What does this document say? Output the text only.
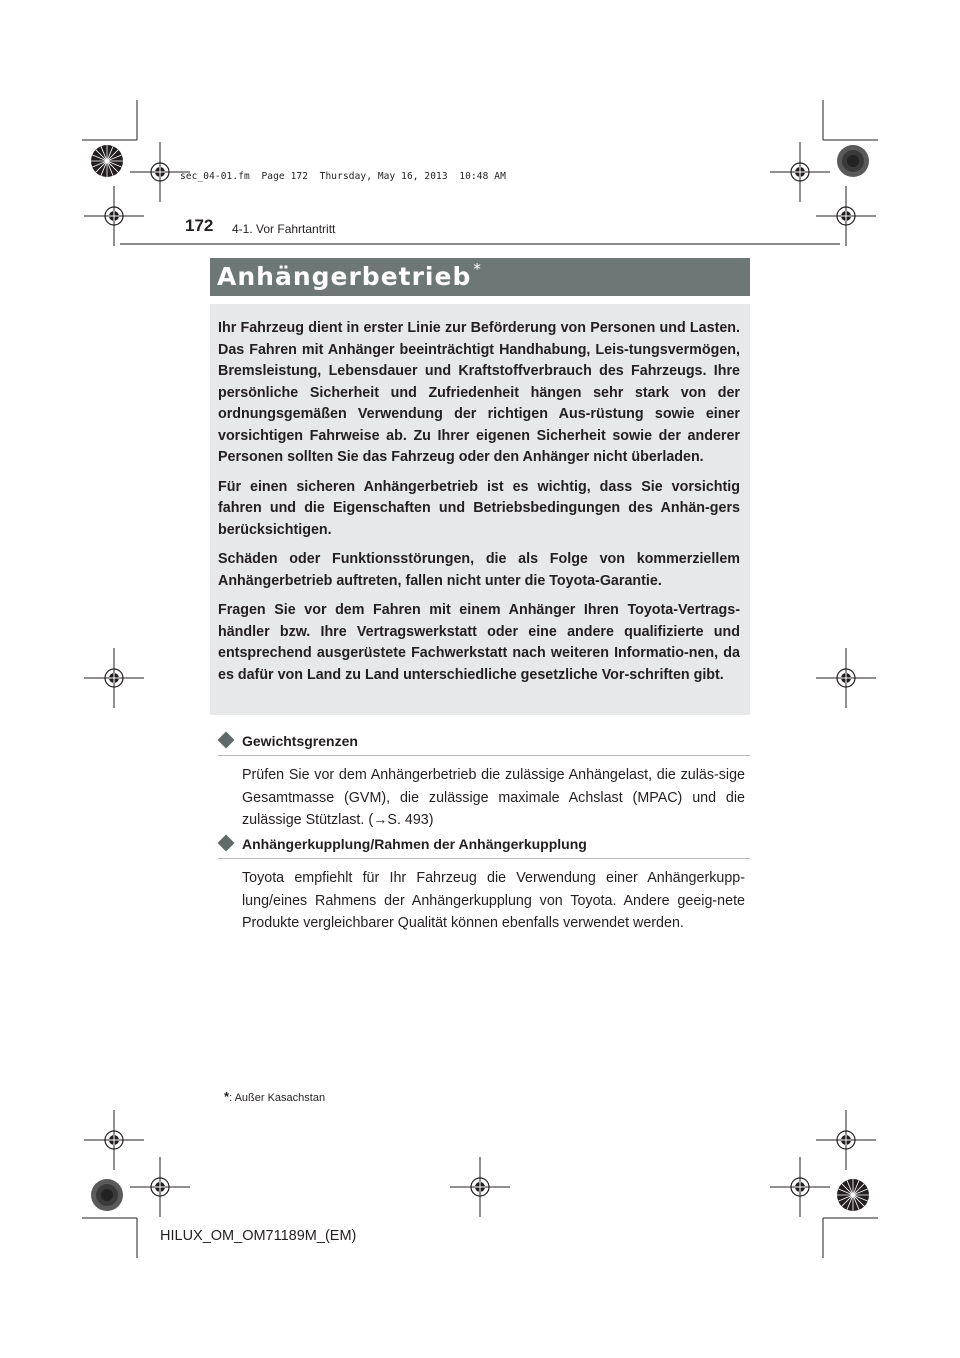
sec_04-01.fm  Page 172  Thursday, May 16, 2013  10:48 AM
172 4-1. Vor Fahrtantritt
Anhängerbetrieb *

Ihr Fahrzeug dient in erster Linie zur Beförderung von Personen und Lasten. Das Fahren mit Anhänger beeinträchtigt Handhabung, Leis-tungsvermögen, Bremsleistung, Lebensdauer und Kraftstoffverbrauch des Fahrzeugs. Ihre persönliche Sicherheit und Zufriedenheit hängen sehr stark von der ordnungsgemäßen Verwendung der richtigen Aus-rüstung sowie einer vorsichtigen Fahrweise ab. Zu Ihrer eigenen Sicherheit sowie der anderer Personen sollten Sie das Fahrzeug oder den Anhänger nicht überladen.

Für einen sicheren Anhängerbetrieb ist es wichtig, dass Sie vorsichtig fahren und die Eigenschaften und Betriebsbedingungen des Anhän-gers berücksichtigen.

Schäden oder Funktionsstörungen, die als Folge von kommerziellem Anhängerbetrieb auftreten, fallen nicht unter die Toyota-Garantie.

Fragen Sie vor dem Fahren mit einem Anhänger Ihren Toyota-Vertrags-händler bzw. Ihre Vertragswerkstatt oder eine andere qualifizierte und entsprechend ausgerüstete Fachwerkstatt nach weiteren Informatio-nen, da es dafür von Land zu Land unterschiedliche gesetzliche Vor-schriften gibt.

Gewichtsgrenzen

Prüfen Sie vor dem Anhängerbetrieb die zulässige Anhängelast, die zuläs-sige Gesamtmasse (GVM), die zulässige maximale Achslast (MPAC) und die zulässige Stützlast. (→S. 493)

Anhängerkupplung/Rahmen der Anhängerkupplung

Toyota empfiehlt für Ihr Fahrzeug die Verwendung einer Anhängerkupp-lung/eines Rahmens der Anhängerkupplung von Toyota. Andere geeig-nete Produkte vergleichbarer Qualität können ebenfalls verwendet werden.

*: Außer Kasachstan
HILUX_OM_OM71189M_(EM)
